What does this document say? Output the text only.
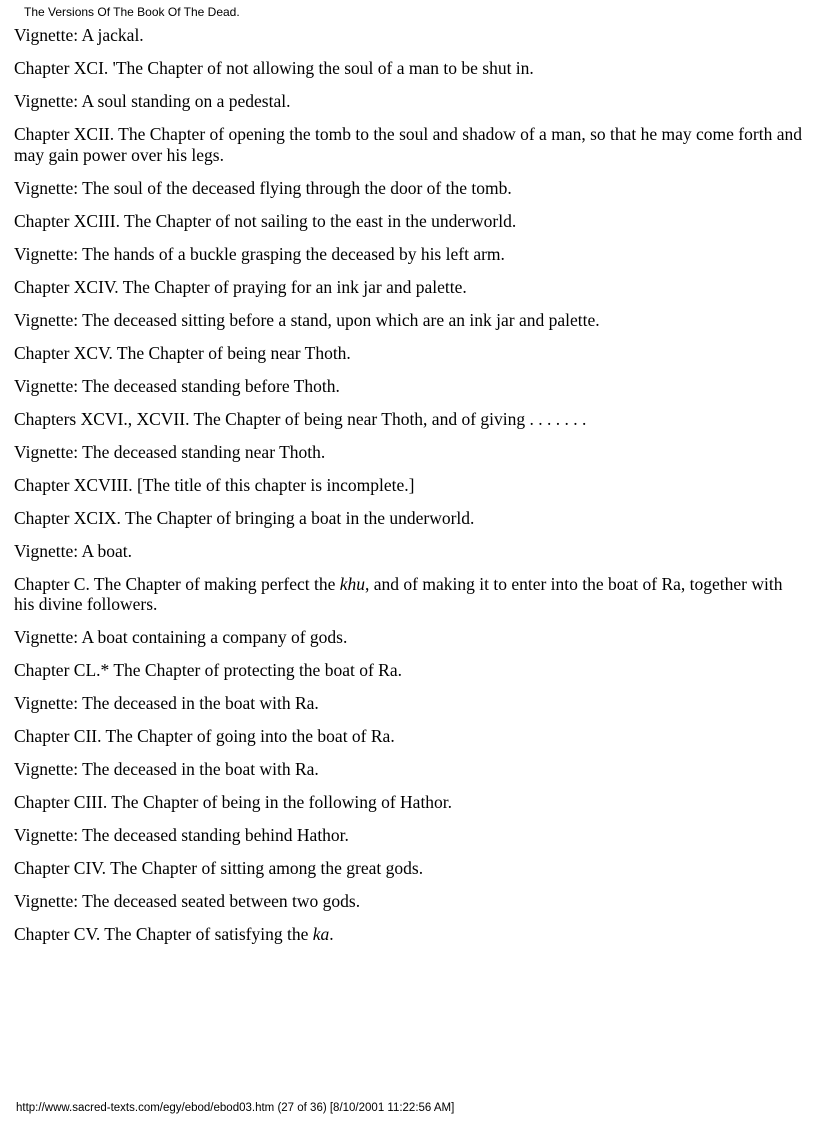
The Versions Of The Book Of The Dead.

Vignette: A jackal.

Chapter XCI. 'The Chapter of not allowing the soul of a man to be shut in.

Vignette: A soul standing on a pedestal.

Chapter XCII. The Chapter of opening the tomb to the soul and shadow of a man, so that he may come forth and may gain power over his legs.

Vignette: The soul of the deceased flying through the door of the tomb.

Chapter XCIII. The Chapter of not sailing to the east in the underworld.

Vignette: The hands of a buckle grasping the deceased by his left arm.

Chapter XCIV. The Chapter of praying for an ink jar and palette.

Vignette: The deceased sitting before a stand, upon which are an ink jar and palette.

Chapter XCV. The Chapter of being near Thoth.

Vignette: The deceased standing before Thoth.

Chapters XCVI., XCVII. The Chapter of being near Thoth, and of giving . . . . . . .

Vignette: The deceased standing near Thoth.

Chapter XCVIII. [The title of this chapter is incomplete.]

Chapter XCIX. The Chapter of bringing a boat in the underworld.

Vignette: A boat.

Chapter C. The Chapter of making perfect the khu, and of making it to enter into the boat of Ra, together with his divine followers.

Vignette: A boat containing a company of gods.

Chapter CL.* The Chapter of protecting the boat of Ra.

Vignette: The deceased in the boat with Ra.

Chapter CII. The Chapter of going into the boat of Ra.

Vignette: The deceased in the boat with Ra.

Chapter CIII. The Chapter of being in the following of Hathor.

Vignette: The deceased standing behind Hathor.

Chapter CIV. The Chapter of sitting among the great gods.

Vignette: The deceased seated between two gods.

Chapter CV. The Chapter of satisfying the ka.

http://www.sacred-texts.com/egy/ebod/ebod03.htm (27 of 36) [8/10/2001 11:22:56 AM]
